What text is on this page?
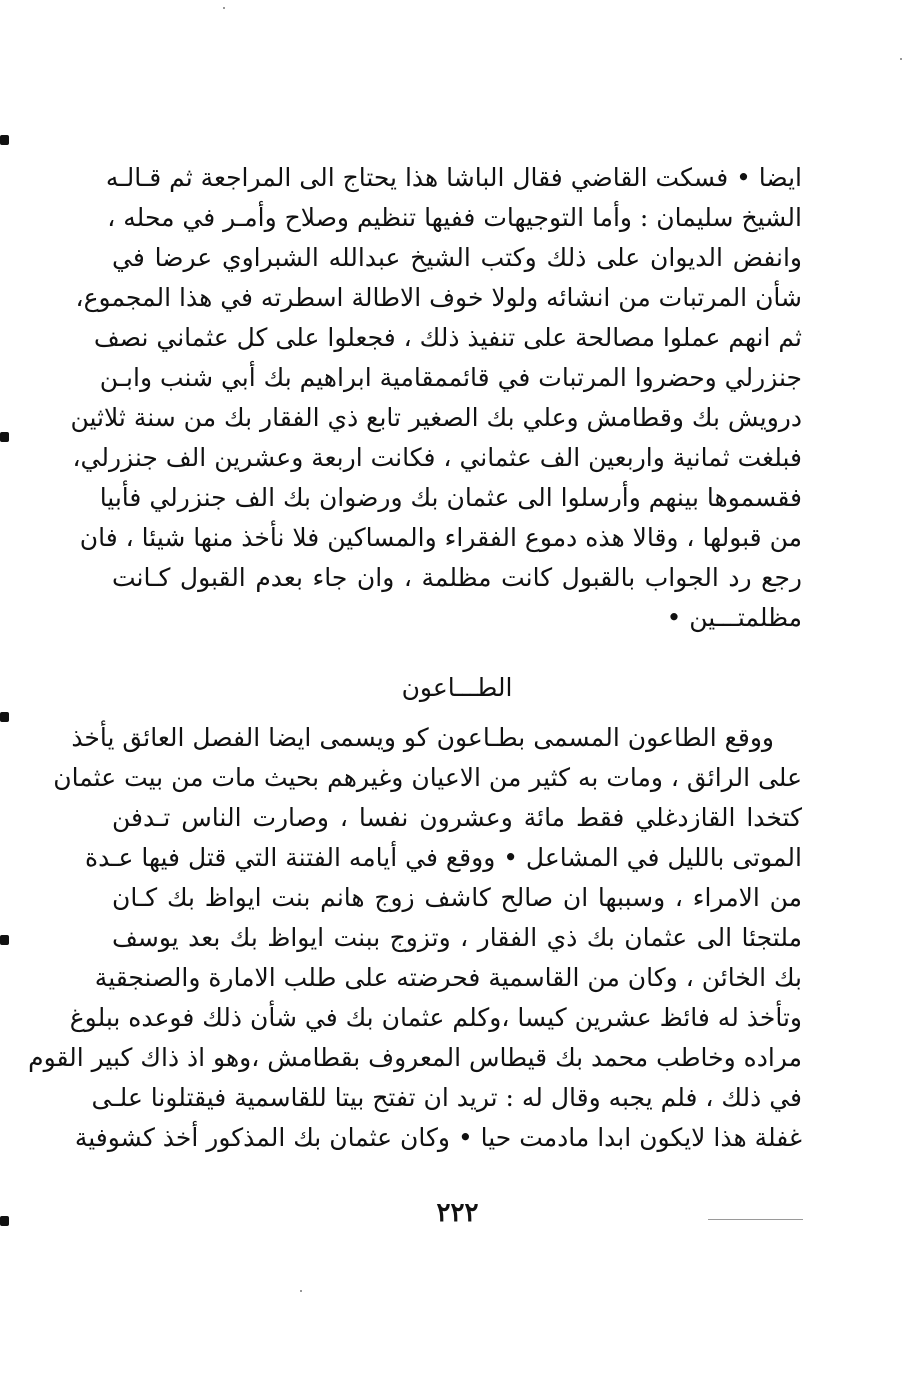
ايضا • فسكت القاضي فقال الباشا هذا يحتاج الى المراجعة ثم قـالـه
الشيخ سليمان : وأما التوجيهات ففيها تنظيم وصلاح وأمـر في محله ،
وانفض الديوان على ذلك وكتب الشيخ عبدالله الشبراوي عرضا في
شأن المرتبات من انشائه ولولا خوف الاطالة اسطرته في هذا المجموع،
ثم انهم عملوا مصالحة على تنفيذ ذلك ، فجعلوا على كل عثماني نصف
جنزرلي وحضروا المرتبات في قائممقامية ابراهيم بك أبي شنب وابـن
درويش بك وقطامش وعلي بك الصغير تابع ذي الفقار بك من سنة ثلاثين
فبلغت ثمانية واربعين الف عثماني ، فكانت اربعة وعشرين الف جنزرلي،
فقسموها بينهم وأرسلوا الى عثمان بك ورضوان بك الف جنزرلي فأبيا
من قبولها ، وقالا هذه دموع الفقراء والمساكين فلا نأخذ منها شيئا ، فان
رجع رد الجواب بالقبول كانت مظلمة ، وان جاء بعدم القبول كـانت
مظلمتـــين •
الطـــاعون
ووقع الطاعون المسمى بطـاعون كو ويسمى ايضا الفصل العائق يأخذ
على الرائق ، ومات به كثير من الاعيان وغيرهم بحيث مات من بيت عثمان
كتخدا القازدغلي فقط مائة وعشرون نفسا ، وصارت الناس تـدفن
الموتى بالليل في المشاعل • ووقع في أيامه الفتنة التي قتل فيها عـدة
من الامراء ، وسببها ان صالح كاشف زوج هانم بنت ايواظ بك كـان
ملتجئا الى عثمان بك ذي الفقار ، وتزوج ببنت ايواظ بك بعد يوسف
بك الخائن ، وكان من القاسمية فحرضته على طلب الامارة والصنجقية
وتأخذ له فائظ عشرين كيسا ،وكلم عثمان بك في شأن ذلك فوعده ببلوغ
مراده وخاطب محمد بك قيطاس المعروف بقطامش ،وهو اذ ذاك كبير القوم
في ذلك ، فلم يجبه وقال له : تريد ان تفتح بيتا للقاسمية فيقتلونا علـى
غفلة هذا لايكون ابدا مادمت حيا • وكان عثمان بك المذكور أخذ كشوفية
٢٢٢
